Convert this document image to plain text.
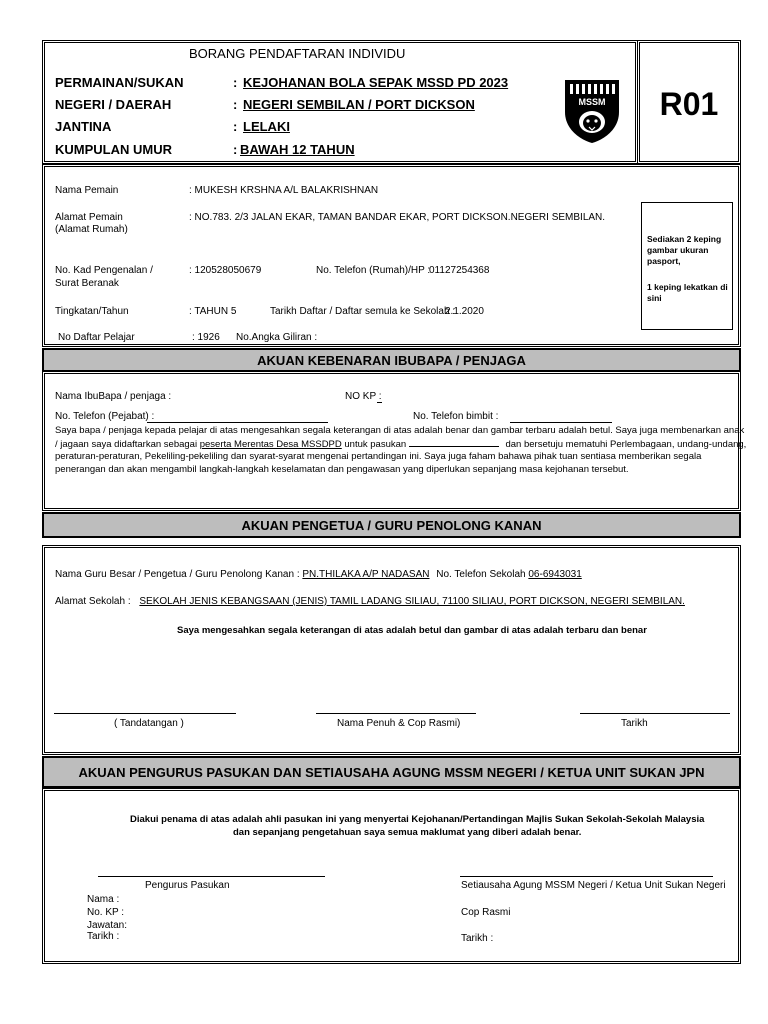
R01
BORANG PENDAFTARAN INDIVIDU
PERMAINAN/SUKAN	: KEJOHANAN BOLA SEPAK MSSD PD 2023
NEGERI / DAERAH	: NEGERI SEMBILAN / PORT DICKSON
JANTINA	: LELAKI
KUMPULAN UMUR	: BAWAH 12 TAHUN
MSSM
Nama Pemain	: MUKESH KRSHNA A/L BALAKRISHNAN
Alamat Pemain
(Alamat Rumah)
: NO.783. 2/3 JALAN EKAR, TAMAN BANDAR EKAR, PORT DICKSON.NEGERI SEMBILAN.
No. Kad Pengenalan /
Surat Beranak
: 120528050679	No. Telefon (Rumah)/HP :
01127254368
Tingkatan/Tahun	: TAHUN 5	Tarikh Daftar / Daftar semula ke Sekolah :
2.1.2020
No Daftar Pelajar	: 1926 No.Angka Giliran :
Sediakan 2 keping gambar ukuran pasport,
1 keping lekatkan di sini
AKUAN KEBENARAN IBUBAPA / PENJAGA
Nama IbuBapa / penjaga :	NO KP :
No. Telefon (Pejabat) :	No. Telefon bimbit :
Saya bapa / penjaga kepada pelajar di atas mengesahkan segala keterangan di atas adalah benar dan gambar terbaru adalah betul. Saya juga membenarkan anak
/ jagaan saya didaftarkan sebagai peserta Merentas Desa MSSDPD untuk pasukan	dan bersetuju mematuhi Perlembagaan, undang-undang,
peraturan-peraturan, Pekeliling-pekeliling dan syarat-syarat mengenai pertandingan ini. Saya juga faham bahawa pihak tuan sentiasa memberikan segala
penerangan dan akan mengambil langkah-langkah keselamatan dan pengawasan yang diperlukan sepanjang masa kejohanan tersebut.
AKUAN PENGETUA / GURU PENOLONG KANAN
Nama Guru Besar / Pengetua / Guru Penolong Kanan : PN.THILAKA A/P NADASAN No. Telefon Sekolah 06-6943031
Alamat Sekolah : SEKOLAH JENIS KEBANGSAAN (JENIS) TAMIL LADANG SILIAU, 71100 SILIAU, PORT DICKSON, NEGERI SEMBILAN.
Saya mengesahkan segala keterangan di atas adalah betul dan gambar di atas adalah terbaru dan benar
( Tandatangan )	Nama Penuh & Cop Rasmi)	Tarikh
AKUAN PENGURUS PASUKAN DAN SETIAUSAHA AGUNG MSSM NEGERI / KETUA UNIT SUKAN JPN
Diakui penama di atas adalah ahli pasukan ini yang menyertai Kejohanan/Pertandingan Majlis Sukan Sekolah-Sekolah Malaysia
dan sepanjang pengetahuan saya semua maklumat yang diberi adalah benar.
Pengurus Pasukan
Nama :
No. KP :
Jawatan:
Tarikh :
Setiausaha Agung MSSM Negeri / Ketua Unit Sukan Negeri
Cop Rasmi
Tarikh :
